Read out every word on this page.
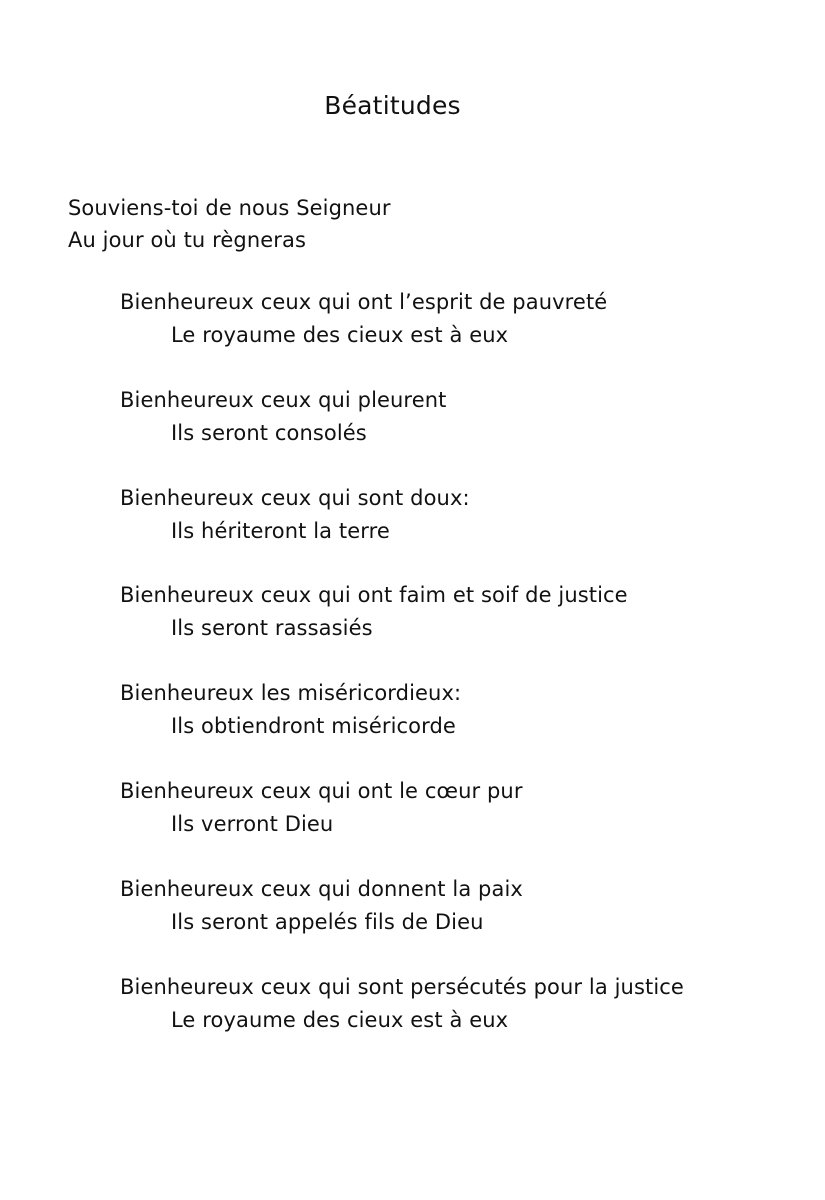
Béatitudes
Souviens-toi de nous Seigneur
Au jour où tu règneras
Bienheureux ceux qui ont l’esprit de pauvreté
Le royaume des cieux est à eux
Bienheureux ceux qui pleurent
Ils seront consolés
Bienheureux ceux qui sont doux:
Ils hériteront la terre
Bienheureux ceux qui ont faim et soif de justice
Ils seront rassasiés
Bienheureux les miséricordieux:
Ils obtiendront miséricorde
Bienheureux ceux qui ont le cœur pur
Ils verront Dieu
Bienheureux ceux qui donnent la paix
Ils seront appelés fils de Dieu
Bienheureux ceux qui sont persécutés pour la justice
Le royaume des cieux est à eux
